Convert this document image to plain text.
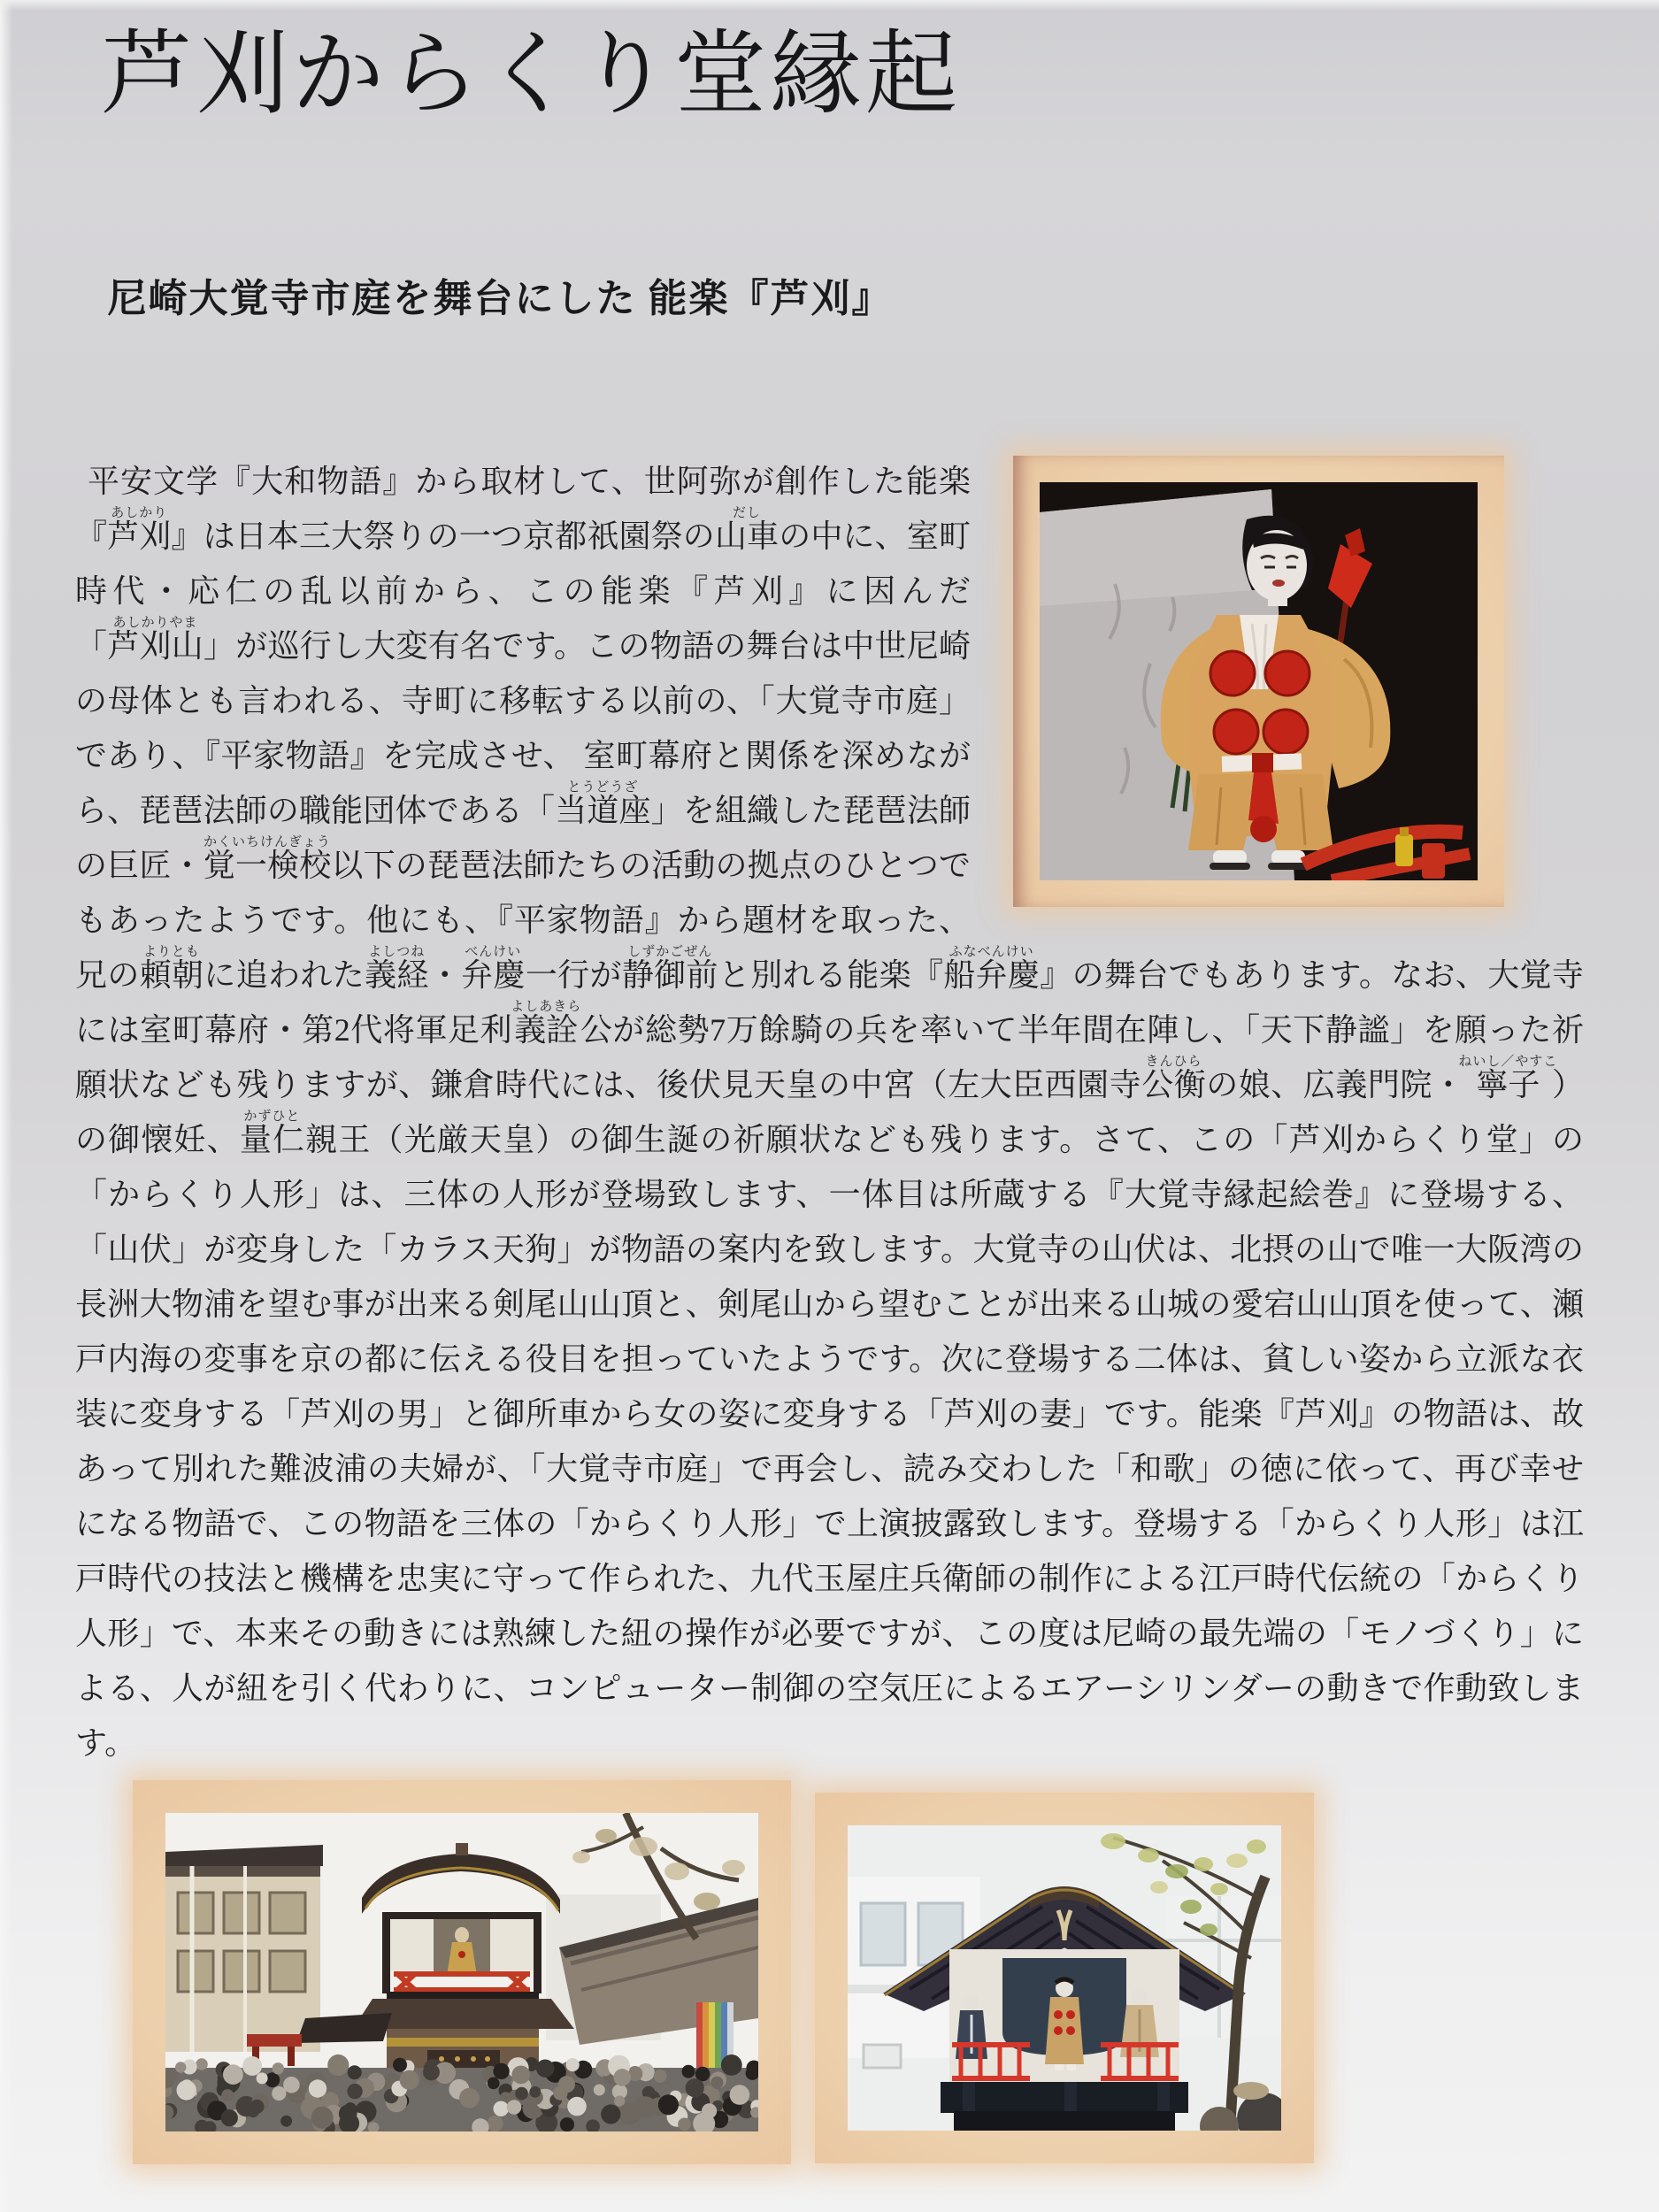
芦刈からくり堂縁起
尼崎大覚寺市庭を舞台にした 能楽『芦刈』
平安文学『大和物語』から取材して、世阿弥が創作した能楽『芦刈あしかり』は日本三大祭りの一つ京都祇園祭の山車だしの中に、室町時代・応仁の乱以前から、この能楽『芦刈』に因んだ「芦刈山あしかりやま」が巡行し大変有名です。この物語の舞台は中世尼崎の母体とも言われる、寺町に移転する以前の、「大覚寺市庭」であり、『平家物語』を完成させ、 室町幕府と関係を深めながら、琵琶法師の職能団体である「当道座とうどうざ」を組織した琵琶法師の巨匠・覚一検校かくいちけんぎょう以下の琵琶法師たちの活動の拠点のひとつでもあったようです。他にも、『平家物語』から題材を取った、兄の頼朝よりともに追われた義経よしつね・弁慶べんけい一行が静御前しずかごぜんと別れる能楽『船弁慶ふなべんけい』の舞台でもあります。なお、大覚寺には室町幕府・第2代将軍足利義詮よしあきら公が総勢7万餘騎の兵を率いて半年間在陣し、「天下静謐」を願った祈願状なども残りますが、鎌倉時代には、後伏見天皇の中宮（左大臣西園寺公衡きんひらの娘、広義門院・寧子ねいし／やすこ）の御懐妊、量仁かずひと親王（光厳天皇）の御生誕の祈願状なども残ります。さて、この「芦刈からくり堂」の「からくり人形」は、三体の人形が登場致します、一体目は所蔵する『大覚寺縁起絵巻』に登場する、「山伏」が変身した「カラス天狗」が物語の案内を致します。大覚寺の山伏は、北摂の山で唯一大阪湾の長洲大物浦を望む事が出来る剣尾山山頂と、剣尾山から望むことが出来る山城の愛宕山山頂を使って、瀬戸内海の変事を京の都に伝える役目を担っていたようです。次に登場する二体は、貧しい姿から立派な衣装に変身する「芦刈の男」と御所車から女の姿に変身する「芦刈の妻」です。能楽『芦刈』の物語は、故あって別れた難波浦の夫婦が、「大覚寺市庭」で再会し、読み交わした「和歌」の徳に依って、再び幸せになる物語で、この物語を三体の「からくり人形」で上演披露致します。登場する「からくり人形」は江戸時代の技法と機構を忠実に守って作られた、九代玉屋庄兵衛師の制作による江戸時代伝統の「からくり人形」で、本来その動きには熟練した紐の操作が必要ですが、この度は尼崎の最先端の「モノづくり」による、人が紐を引く代わりに、コンピューター制御の空気圧によるエアーシリンダーの動きで作動致します。
